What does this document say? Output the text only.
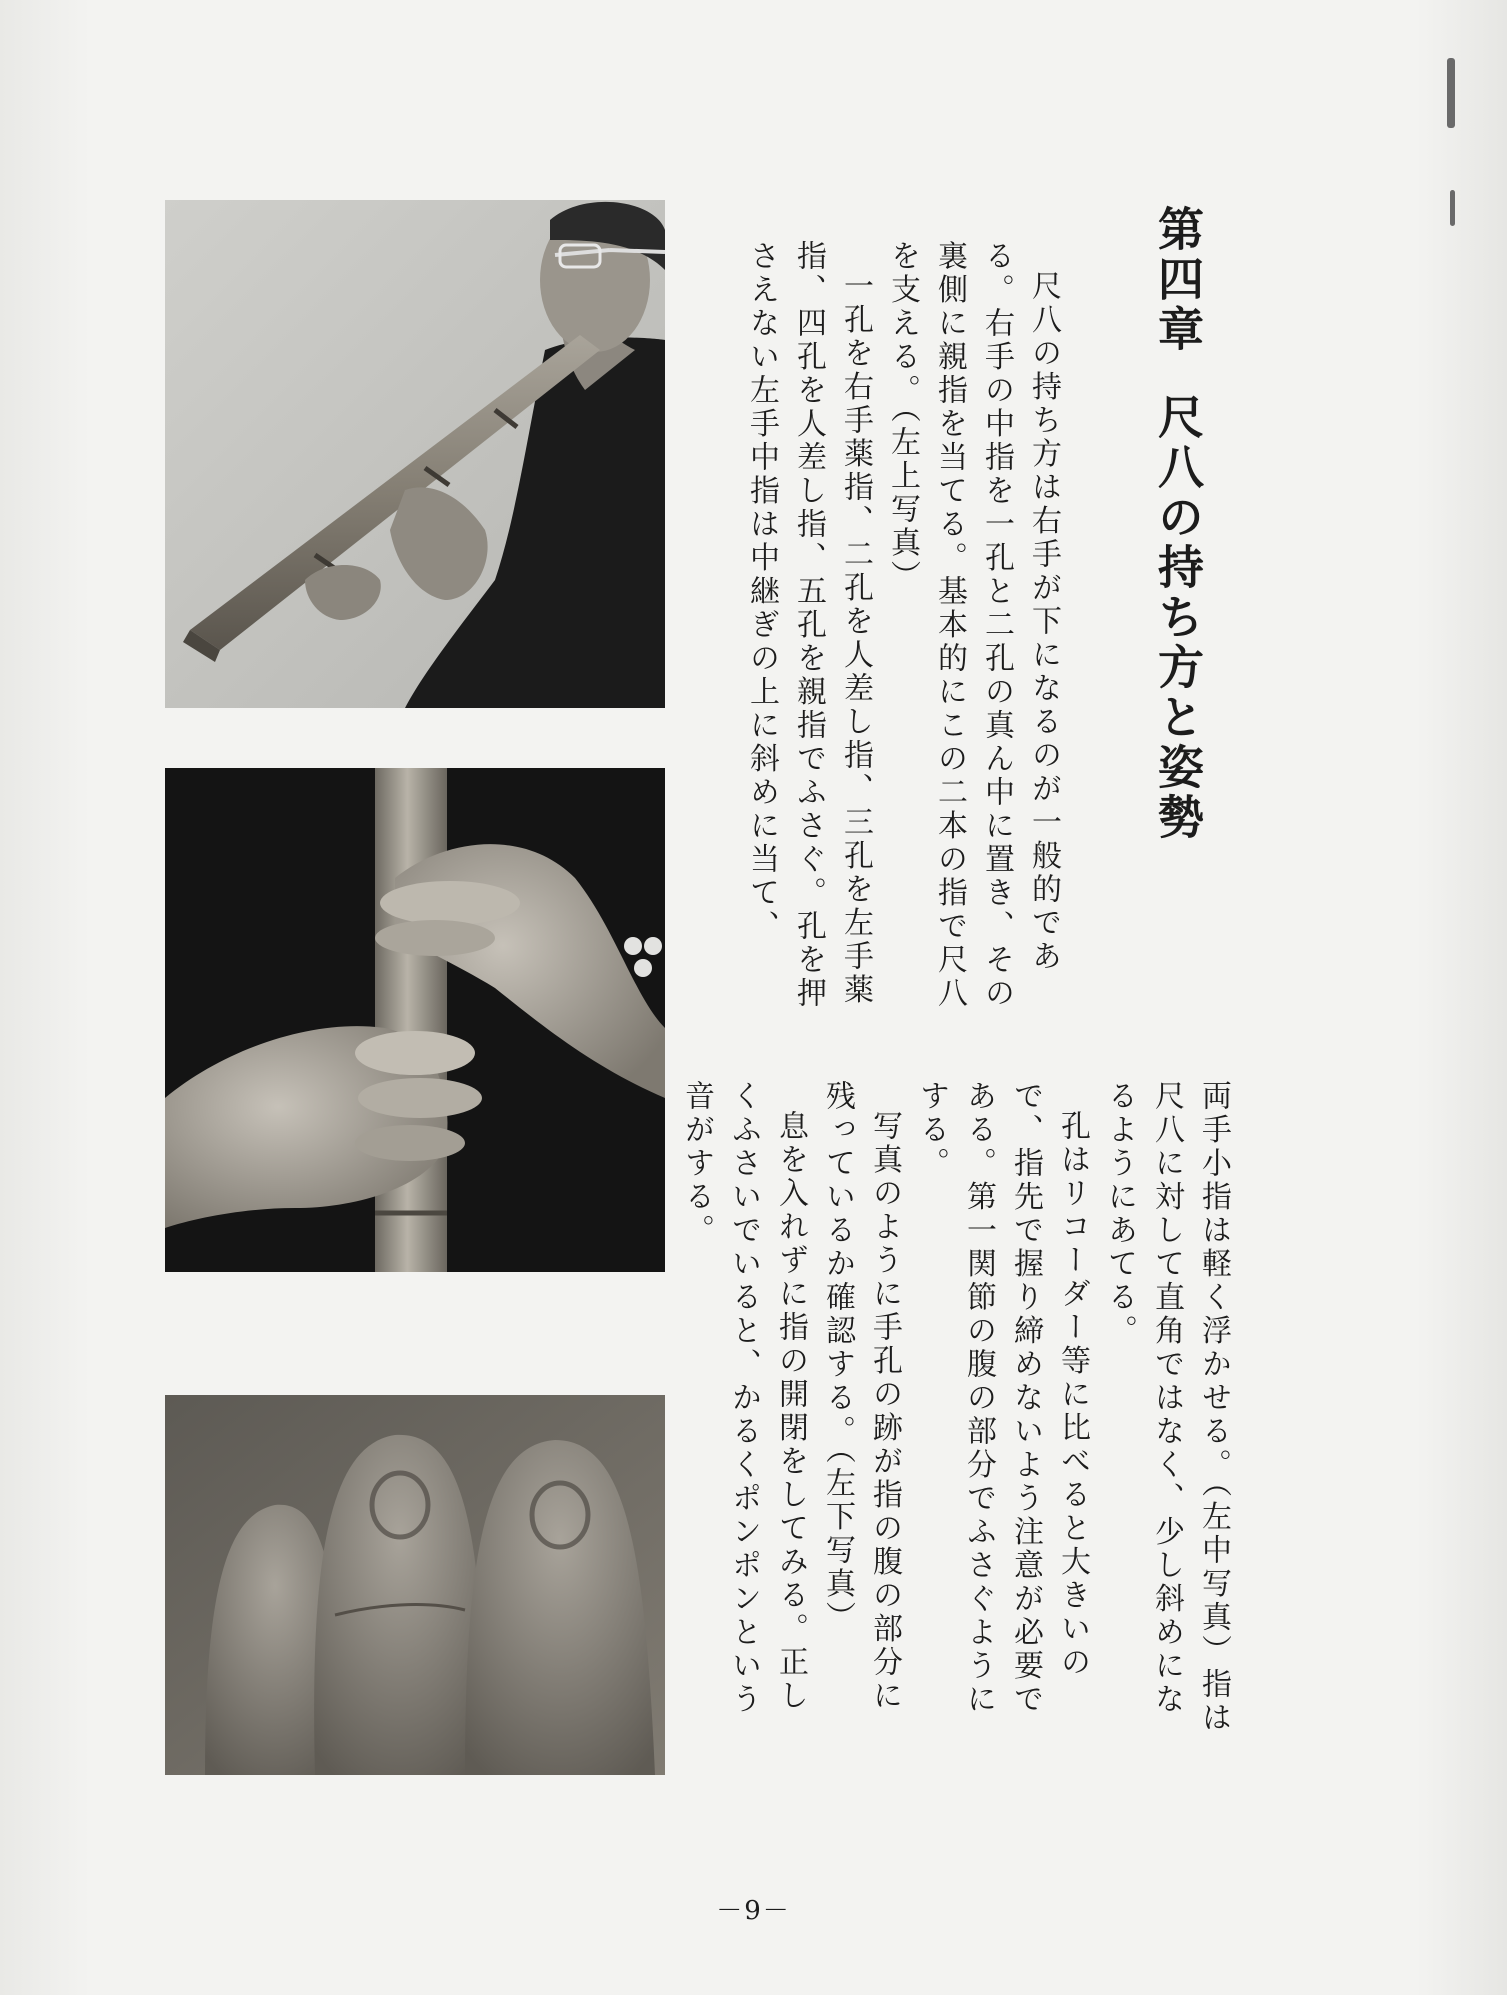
第四章尺八の持ち方と姿勢

尺八の持ち方は右手が下になるのが一般的である。右手の中指を一孔と二孔の真ん中に置き、その裏側に親指を当てる。基本的にこの二本の指で尺八を支える。（左上写真）

一孔を右手薬指、二孔を人差し指、三孔を左手薬指、四孔を人差し指、五孔を親指でふさぐ。孔を押さえない左手中指は中継ぎの上に斜めに当て、

両手小指は軽く浮かせる。（左中写真）指は尺八に対して直角ではなく、少し斜めになるようにあてる。

孔はリコーダー等に比べると大きいので、指先で握り締めないよう注意が必要である。第一関節の腹の部分でふさぐようにする。

写真のように手孔の跡が指の腹の部分に残っているか確認する。（左下写真）

息を入れずに指の開閉をしてみる。正しくふさいでいると、かるくポンポンという音がする。

－9－
